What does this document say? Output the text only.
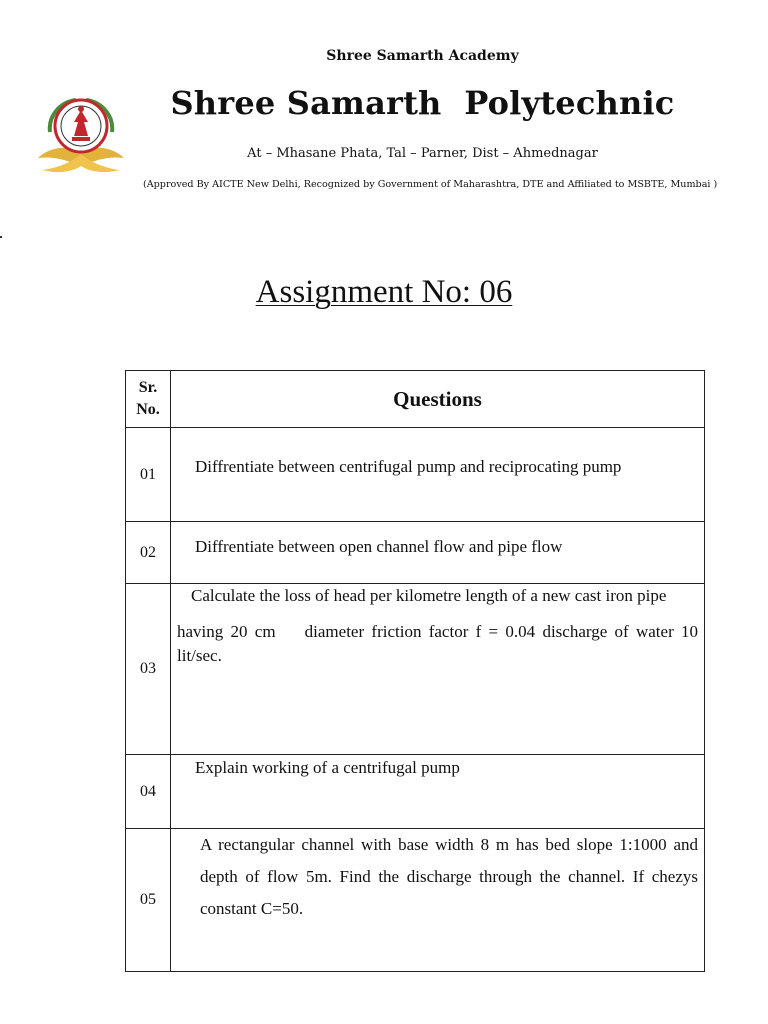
Shree Samarth Academy
Shree Samarth  Polytechnic
At – Mhasane Phata, Tal – Parner, Dist – Ahmednagar
(Approved By AICTE New Delhi, Recognized by Government of Maharashtra, DTE and Affiliated to MSBTE, Mumbai )
Assignment No: 06
Sr. No.	Questions
01	Diffrentiate between centrifugal pump and reciprocating pump

02	Diffrentiate between open channel flow and pipe flow

03	Calculate the loss of head per kilometre length of a new cast iron pipe
having 20 cm    diameter friction factor f = 0.04 discharge of water 10 lit/sec.

04	Explain working of a centrifugal pump

05	A rectangular channel with base width 8 m has bed slope 1:1000 and depth of flow 5m. Find the discharge through the channel. If chezys constant C=50.
